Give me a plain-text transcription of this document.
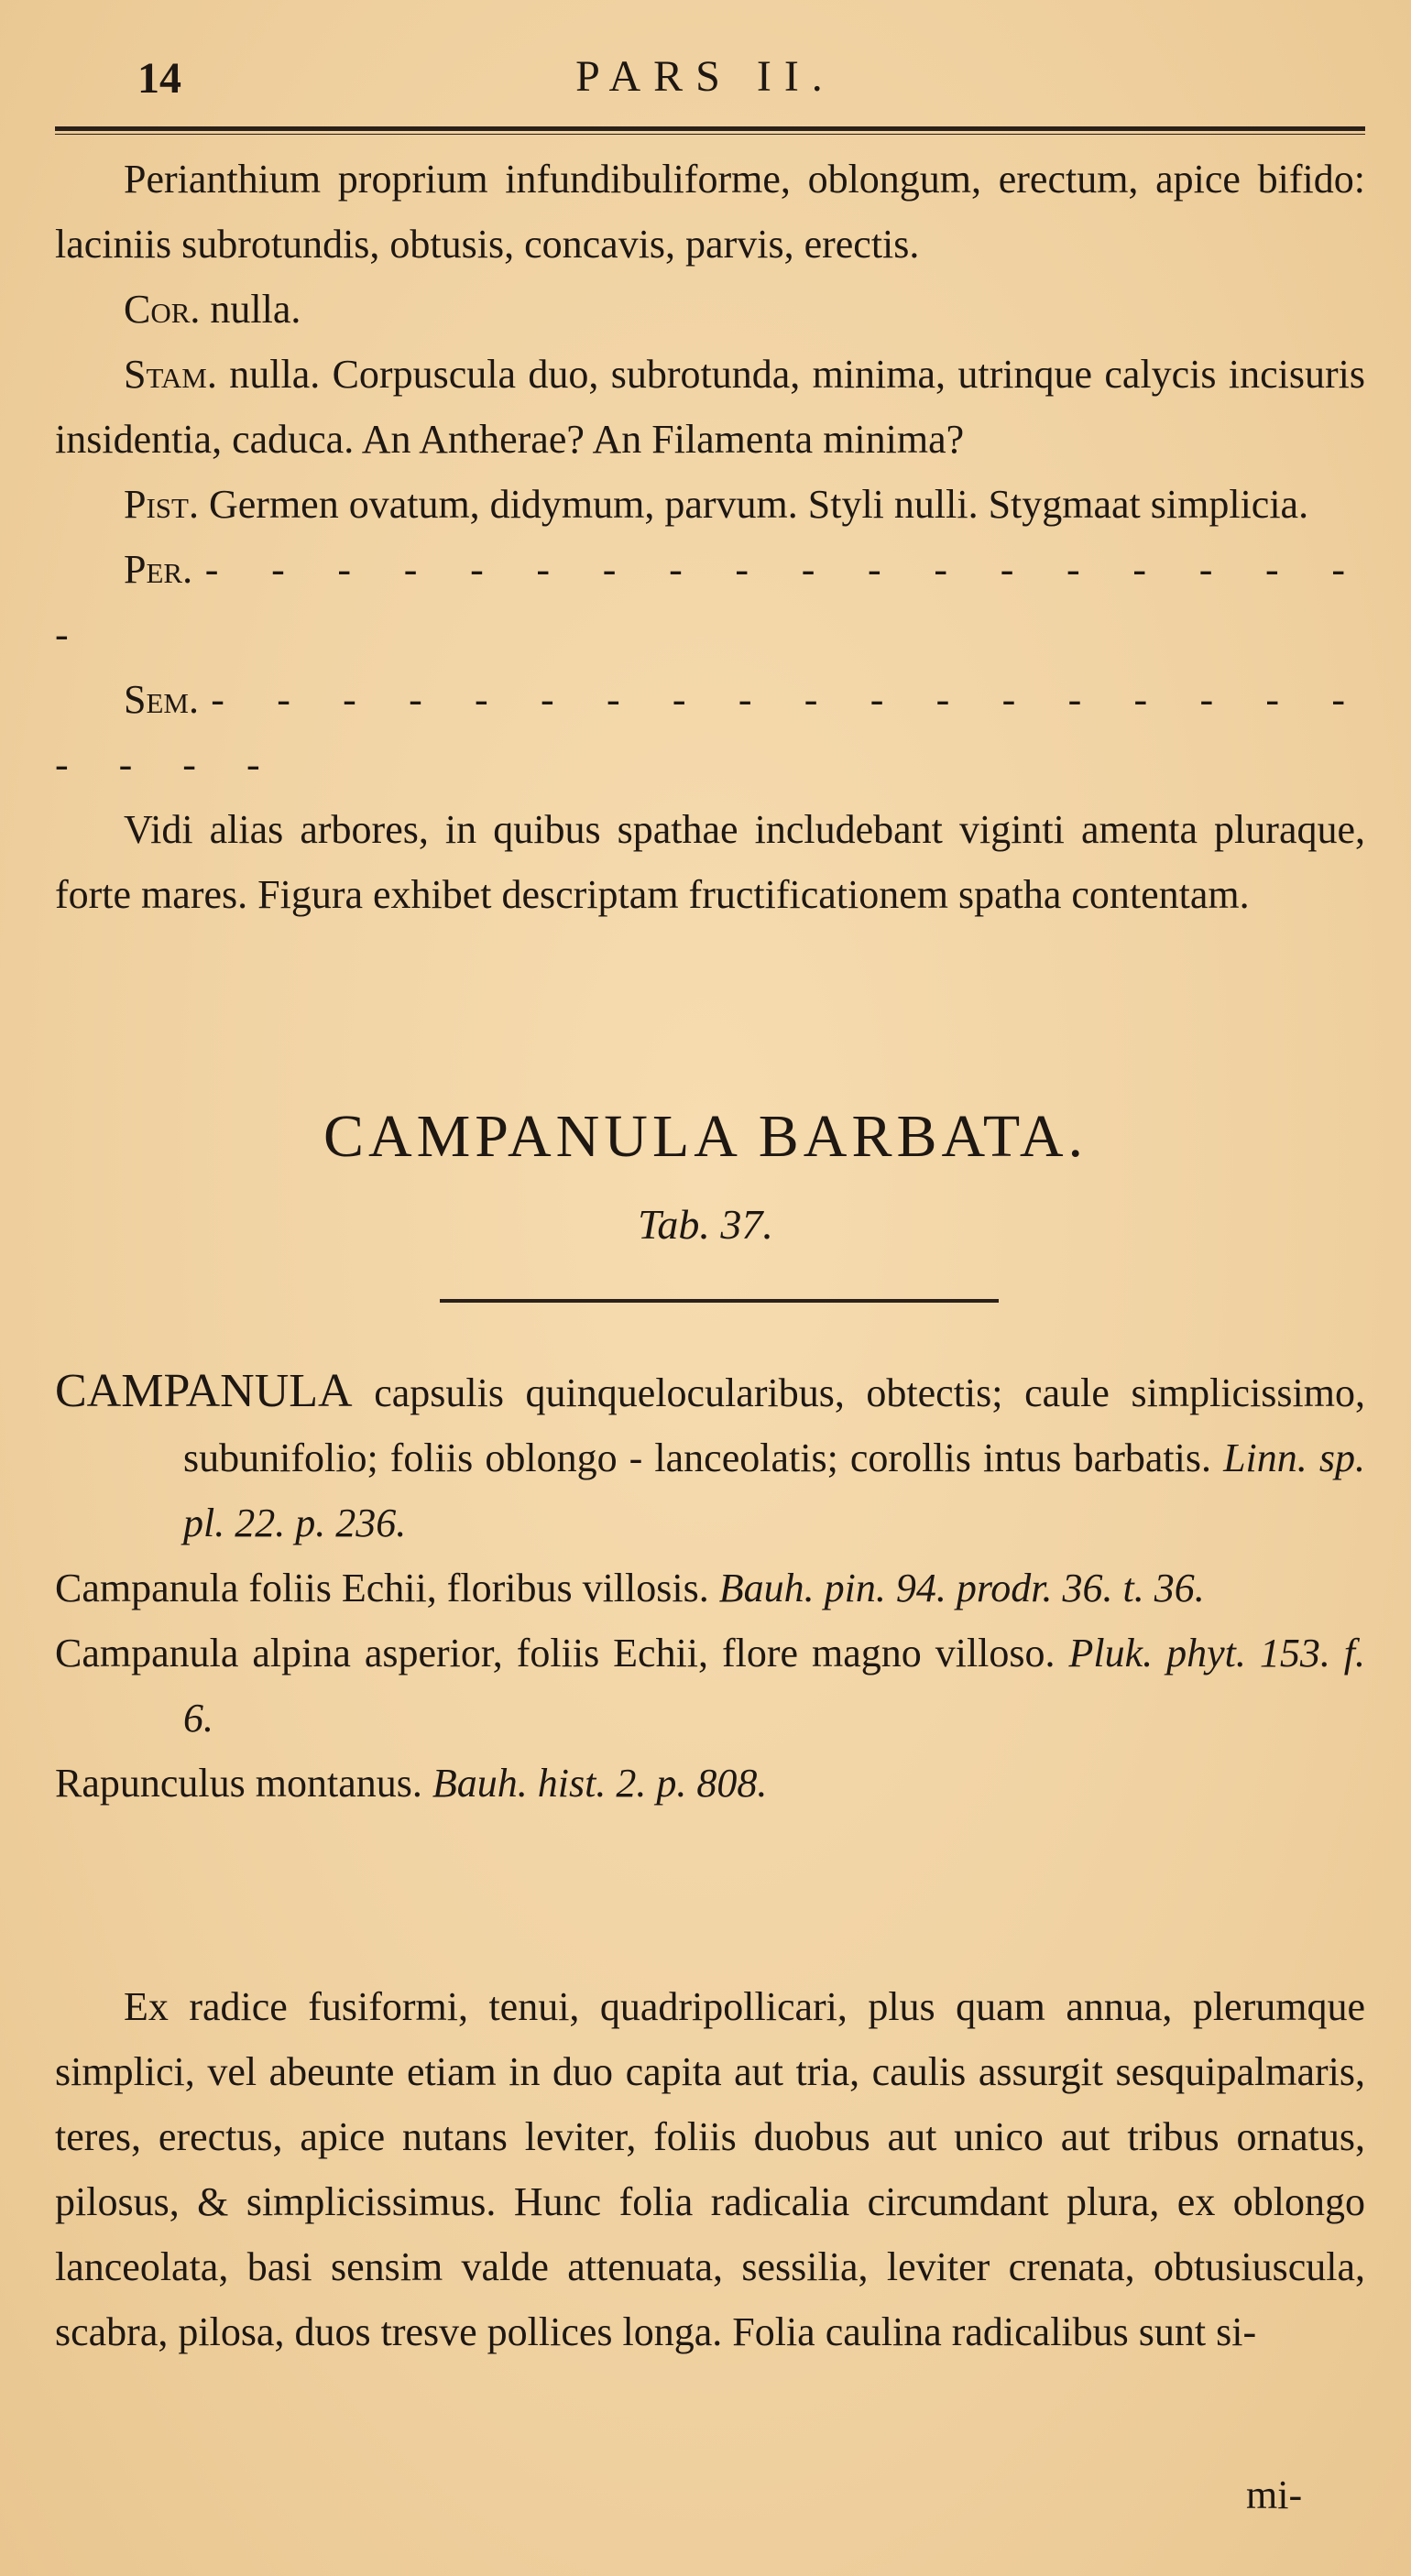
14	PARS II.

Perianthium proprium infundibuliforme, oblongum, erectum, apice bifido: laciniis subrotundis, obtusis, concavis, parvis, erectis.

Cor. nulla.

Stam. nulla. Corpuscula duo, subrotunda, minima, utrinque calycis incisuris insidentia, caduca. An Antherae? An Filamenta minima?

Pist. Germen ovatum, didymum, parvum. Styli nulli. Stygmaat simplicia.

Per. - - - - - - - - - - - - - - - - - - -

Sem. - - - - - - - - - - - - - - - - - - - - - -

Vidi alias arbores, in quibus spathae includebant viginti amenta pluraque, forte mares. Figura exhibet descriptam fructificationem spatha contentam.

CAMPANULA BARBATA.
Tab. 37.

CAMPANULA capsulis quinquelocularibus, obtectis; caule simplicissimo, subunifolio; foliis oblongo - lanceolatis; corollis intus barbatis. Linn. sp. pl. 22. p. 236.

Campanula foliis Echii, floribus villosis. Bauh. pin. 94. prodr. 36. t. 36.

Campanula alpina asperior, foliis Echii, flore magno villoso. Pluk. phyt. 153. f. 6.

Rapunculus montanus. Bauh. hist. 2. p. 808.

Ex radice fusiformi, tenui, quadripollicari, plus quam annua, plerumque simplici, vel abeunte etiam in duo capita aut tria, caulis assurgit sesquipalmaris, teres, erectus, apice nutans leviter, foliis duobus aut unico aut tribus ornatus, pilosus, & simplicissimus. Hunc folia radicalia circumdant plura, ex oblongo lanceolata, basi sensim valde attenuata, sessilia, leviter crenata, obtusiuscula, scabra, pilosa, duos tresve pollices longa. Folia caulina radicalibus sunt si-

mi-
